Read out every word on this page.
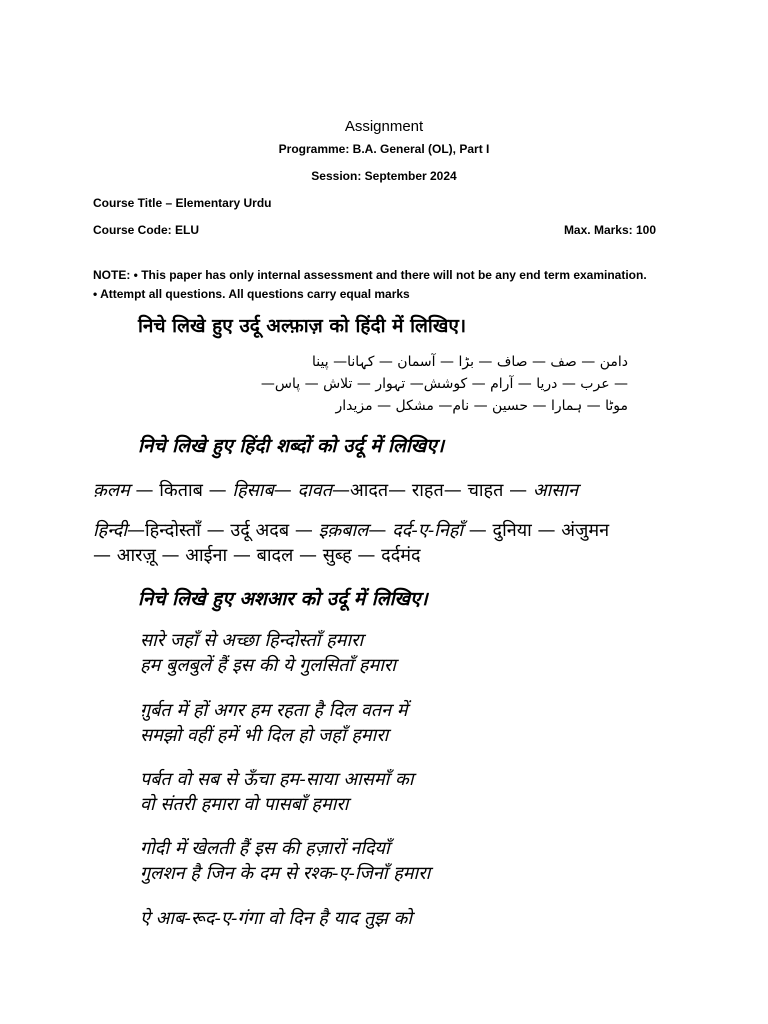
Assignment
Programme: B.A. General (OL), Part I
Session: September 2024
Course Title – Elementary Urdu
Course Code: ELU	Max. Marks: 100
NOTE: • This paper has only internal assessment and there will not be any end term examination.
• Attempt all questions. All questions carry equal marks
निचे लिखे हुए उर्दू अल्फ़ाज़ को हिंदी में लिखिए।
دامن — صف — صاف — بڑا — آسمان — کہانا— پینا
— عرب — دریا — آرام — کوشش— تہوار — تلاش — پاس—
موٹا — ہمارا — حسین — نام— مشکل — مزیدار
निचे लिखे हुए हिंदी शब्दों को उर्दू में लिखिए।
क़लम — किताब — हिसाब— दावत—आदत— राहत— चाहत — आसान
हिन्दी—हिन्दोस्ताँ — उर्दू अदब — इक़बाल— दर्द-ए-निहाँ — दुनिया — अंजुमन
— आरज़ू — आईना — बादल — सुब्ह — दर्दमंद
निचे लिखे हुए अशआर को उर्दू में लिखिए।
सारे जहाँ से अच्छा हिन्दोस्ताँ हमारा
हम बुलबुलें हैं इस की ये गुलसिताँ हमारा
ग़ुर्बत में हों अगर हम रहता है दिल वतन में
समझो वहीं हमें भी दिल हो जहाँ हमारा
पर्बत वो सब से ऊँचा हम-साया आसमाँ का
वो संतरी हमारा वो पासबाँ हमारा
गोदी में खेलती हैं इस की हज़ारों नदियाँ
गुलशन है जिन के दम से रश्क-ए-जिनाँ हमारा
ऐ आब-रूद-ए-गंगा वो दिन है याद तुझ को
